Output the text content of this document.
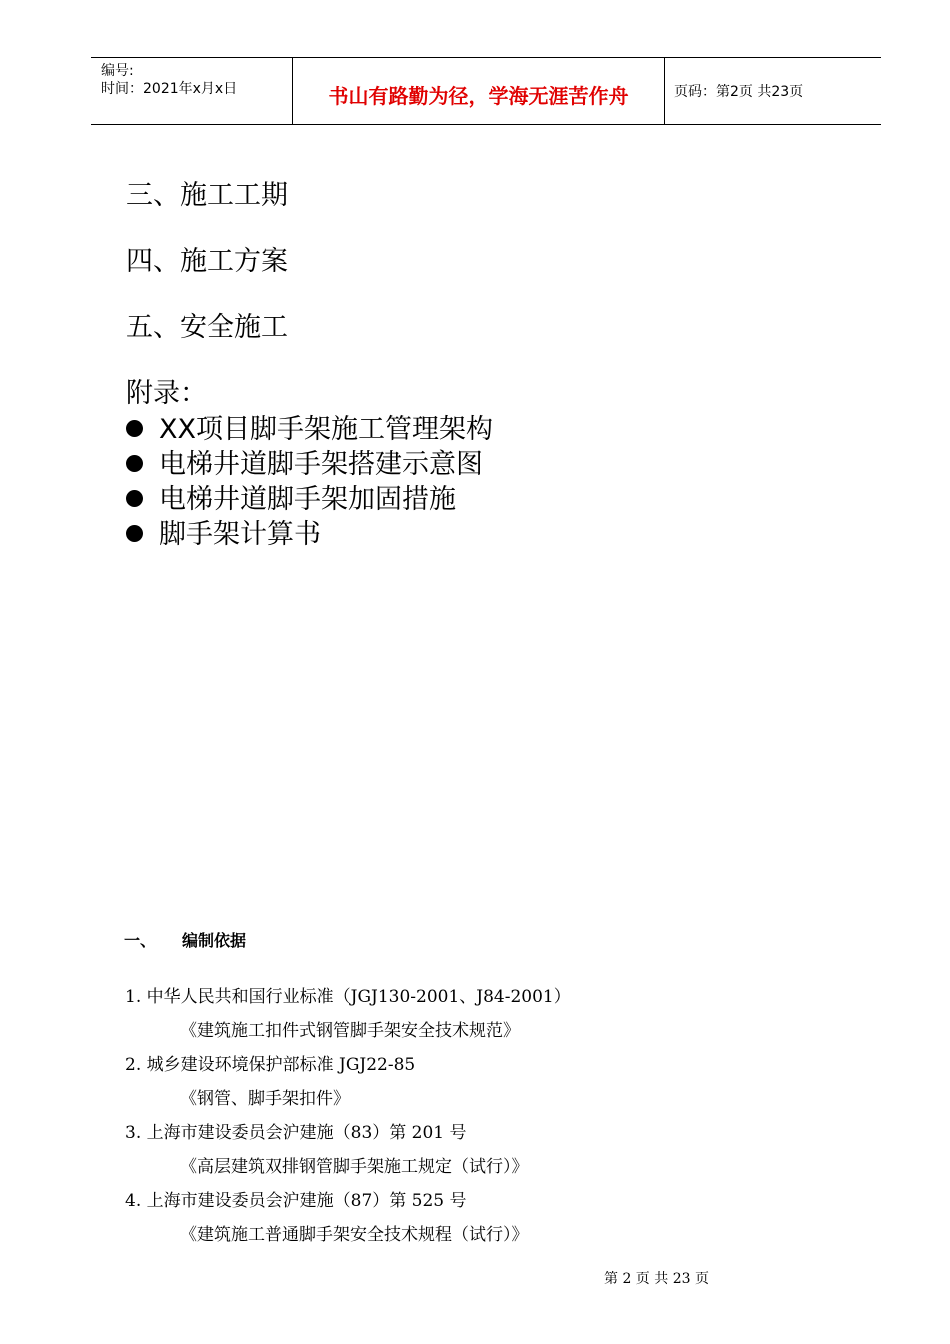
编号:
时间：2021年x月x日	书山有路勤为径，学海无涯苦作舟	页码：第2页 共23页
三、施工工期
四、施工方案
五、安全施工
附录：
XX项目脚手架施工管理架构
电梯井道脚手架搭建示意图
电梯井道脚手架加固措施
脚手架计算书
一、 编制依据
1. 中华人民共和国行业标准（JGJ130-2001、J84-2001）
《建筑施工扣件式钢管脚手架安全技术规范》
2. 城乡建设环境保护部标准 JGJ22-85
《钢管、脚手架扣件》
3. 上海市建设委员会沪建施（83）第 201 号
《高层建筑双排钢管脚手架施工规定（试行）》
4. 上海市建设委员会沪建施（87）第 525 号
《建筑施工普通脚手架安全技术规程（试行）》
第 2 页 共 23 页
